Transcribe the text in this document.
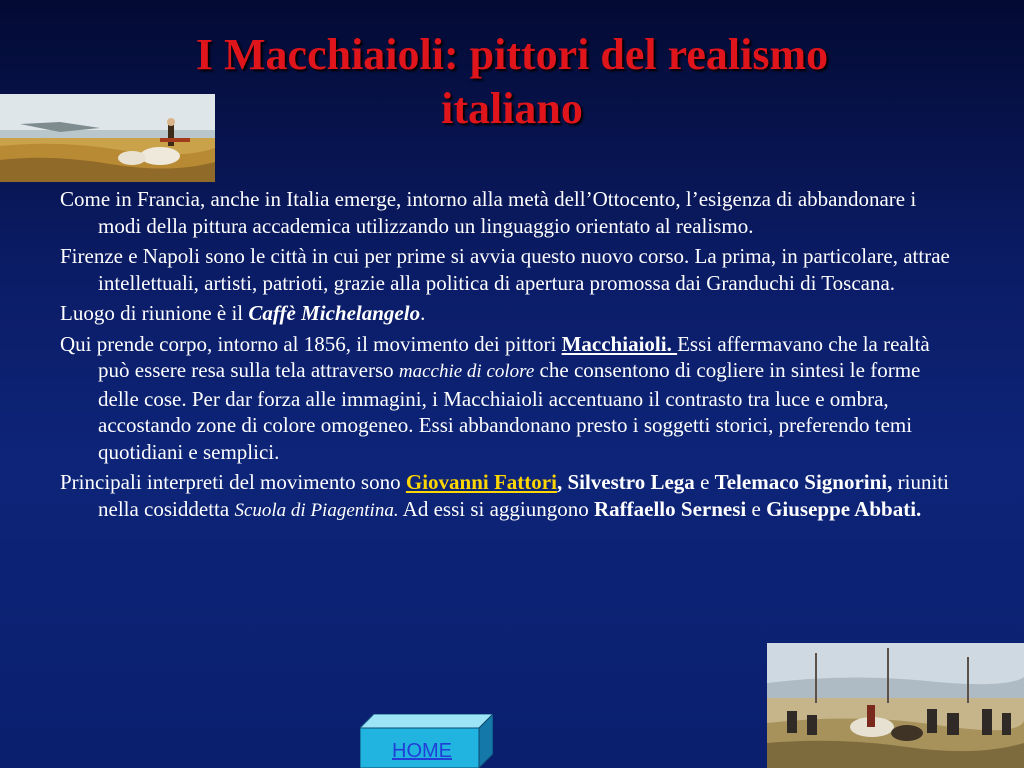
I Macchiaioli: pittori del realismo
italiano

Come in Francia, anche in Italia emerge, intorno alla metà dell’Ottocento, l’esigenza di abbandonare i modi della pittura accademica utilizzando un linguaggio orientato al realismo.

Firenze e Napoli sono le città in cui per prime si avvia questo nuovo corso. La prima, in particolare, attrae intellettuali, artisti, patrioti, grazie alla politica di apertura promossa dai Granduchi di Toscana.

Luogo di riunione è il Caffè Michelangelo.

Qui prende corpo, intorno al 1856, il movimento dei pittori Macchiaioli. Essi affermavano che la realtà può essere resa sulla tela attraverso macchie di colore che consentono di cogliere in sintesi le forme delle cose. Per dar forza alle immagini, i Macchiaioli accentuano il contrasto tra luce e ombra, accostando zone di colore omogeneo. Essi abbandonano presto i soggetti storici, preferendo temi quotidiani e semplici.

Principali interpreti del movimento sono Giovanni Fattori, Silvestro Lega e Telemaco Signorini, riuniti nella cosiddetta Scuola di Piagentina. Ad essi si aggiungono Raffaello Sernesi e Giuseppe Abbati.

HOME
